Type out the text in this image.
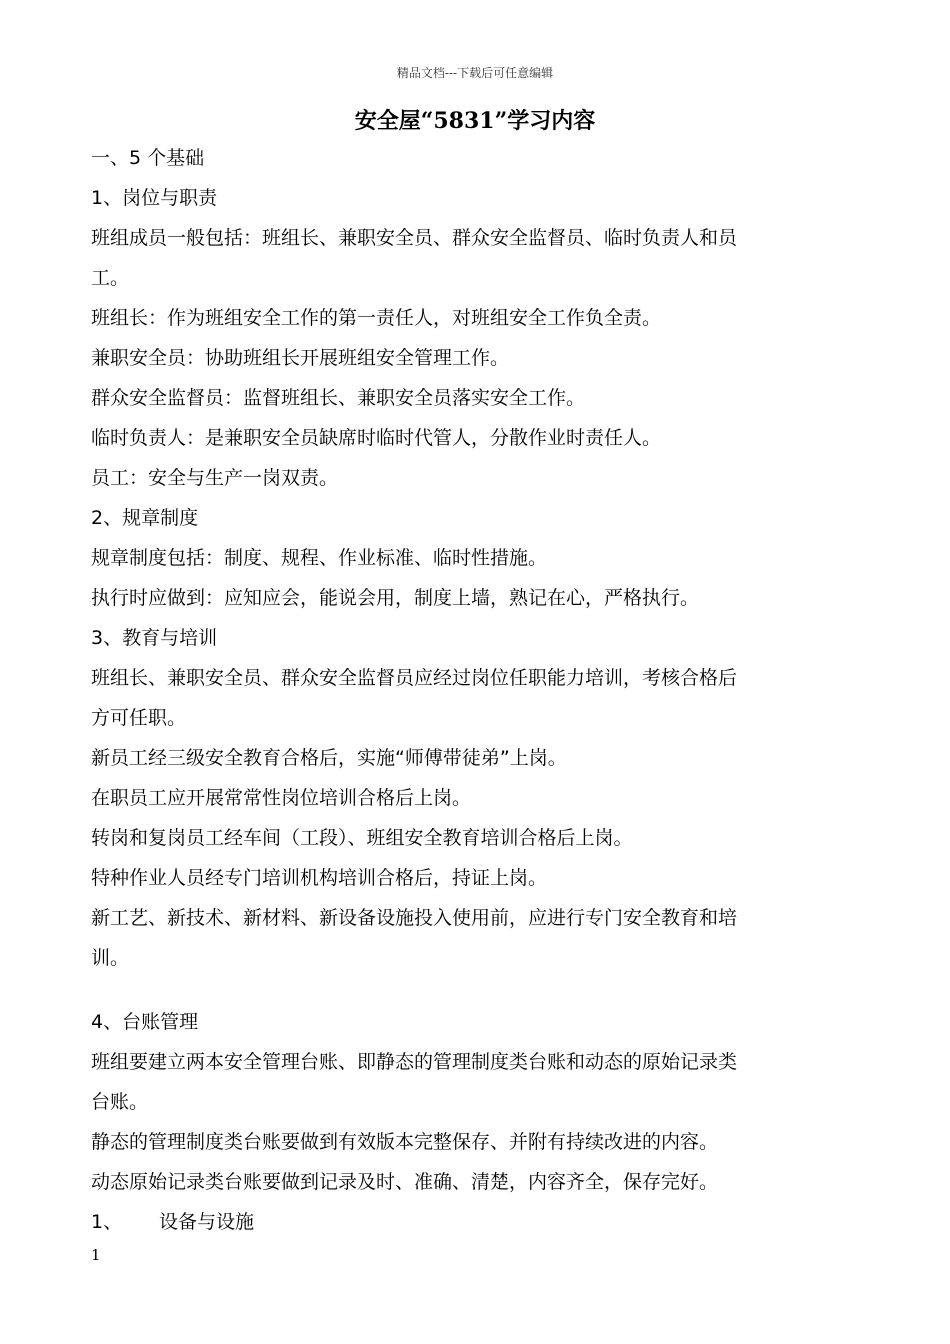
精品文档---下载后可任意编辑
安全屋“5831”学习内容
一、5 个基础
1、岗位与职责
班组成员一般包括：班组长、兼职安全员、群众安全监督员、临时负责人和员
工。
班组长：作为班组安全工作的第一责任人，对班组安全工作负全责。
兼职安全员：协助班组长开展班组安全管理工作。
群众安全监督员：监督班组长、兼职安全员落实安全工作。
临时负责人：是兼职安全员缺席时临时代管人，分散作业时责任人。
员工：安全与生产一岗双责。
2、规章制度
规章制度包括：制度、规程、作业标准、临时性措施。
执行时应做到：应知应会，能说会用，制度上墙，熟记在心，严格执行。
3、教育与培训
班组长、兼职安全员、群众安全监督员应经过岗位任职能力培训，考核合格后
方可任职。
新员工经三级安全教育合格后，实施“师傅带徒弟”上岗。
在职员工应开展常常性岗位培训合格后上岗。
转岗和复岗员工经车间（工段）、班组安全教育培训合格后上岗。
特种作业人员经专门培训机构培训合格后，持证上岗。
新工艺、新技术、新材料、新设备设施投入使用前，应进行专门安全教育和培
训。
4、台账管理
班组要建立两本安全管理台账、即静态的管理制度类台账和动态的原始记录类
台账。
静态的管理制度类台账要做到有效版本完整保存、并附有持续改进的内容。
动态原始记录类台账要做到记录及时、准确、清楚，内容齐全，保存完好。
1、 设备与设施
1
